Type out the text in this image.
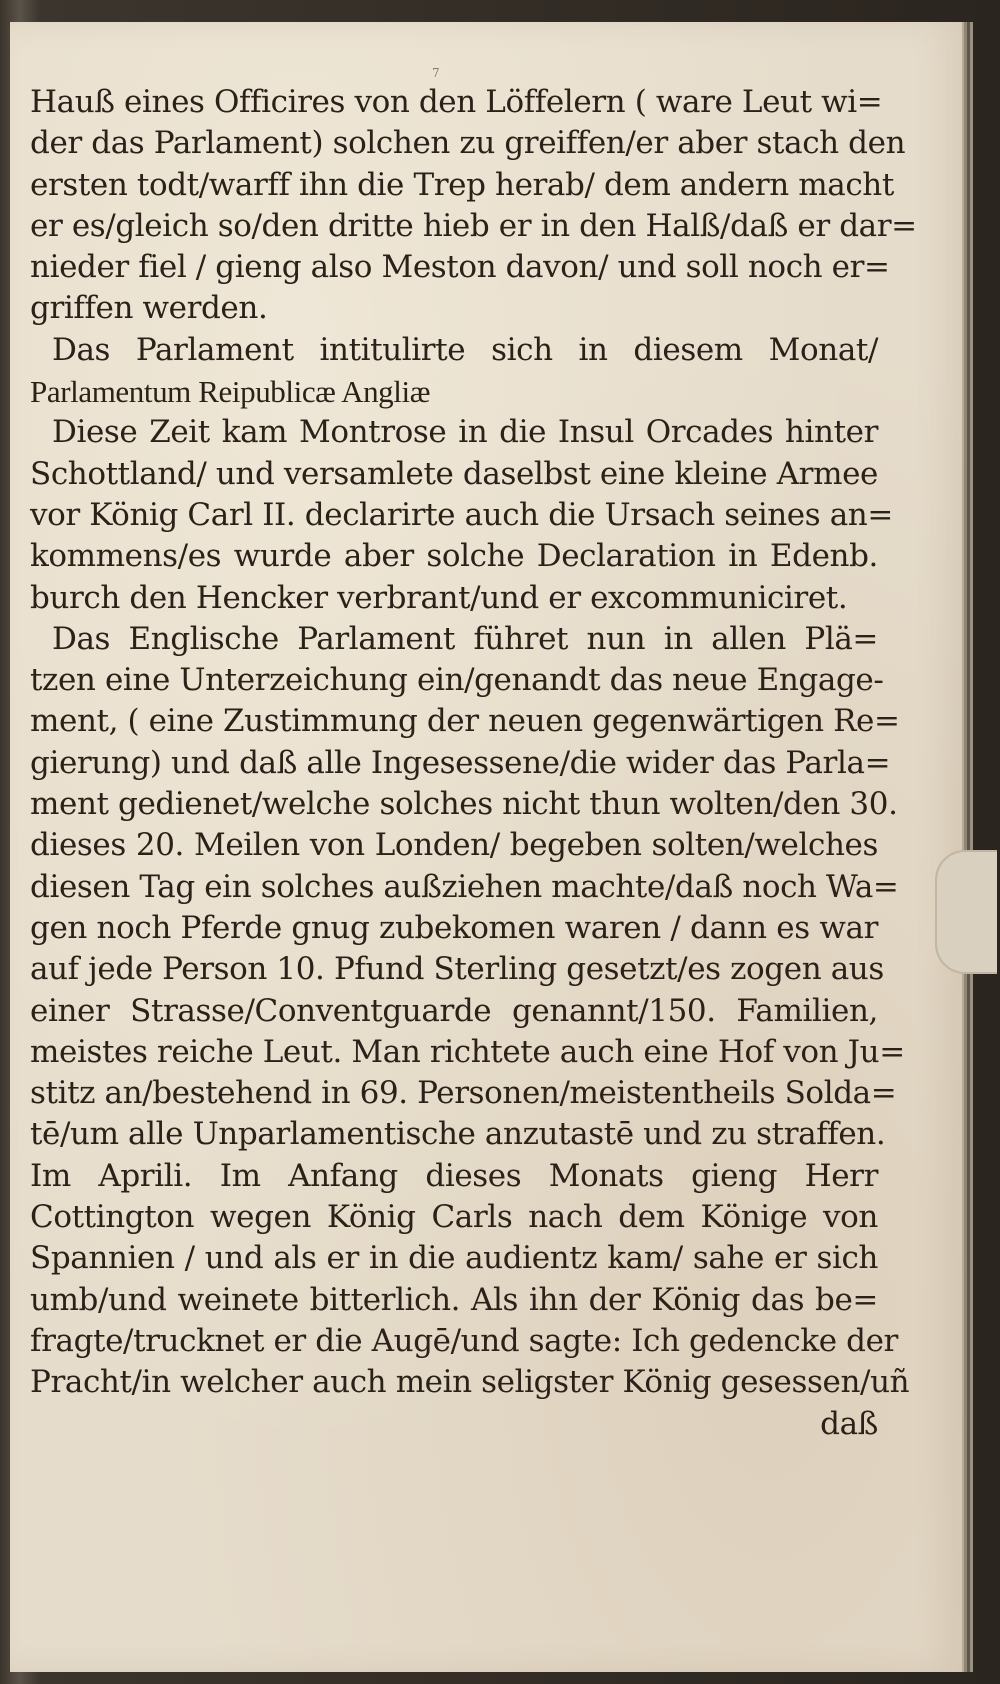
7
Hauß eines Officires von den Löffelern ( ware Leut wi=
der das Parlament) solchen zu greiffen/er aber stach den
ersten todt/warff ihn die Trep herab/ dem andern macht
er es/gleich so/den dritte hieb er in den Halß/daß er dar=
nieder fiel / gieng also Meston davon/ und soll noch er=
griffen werden.
Das Parlament intitulirte sich in diesem Monat/
Parlamentum Reipublicæ Angliæ
Diese Zeit kam Montrose in die Insul Orcades hinter
Schottland/ und versamlete daselbst eine kleine Armee
vor König Carl II. declarirte auch die Ursach seines an=
kommens/es wurde aber solche Declaration in Edenb.
burch den Hencker verbrant/und er excommuniciret.
Das Englische Parlament führet nun in allen Plä=
tzen eine Unterzeichung ein/genandt das neue Engage-
ment, ( eine Zustimmung der neuen gegenwärtigen Re=
gierung) und daß alle Ingesessene/die wider das Parla=
ment gedienet/welche solches nicht thun wolten/den 30.
dieses 20. Meilen von Londen/ begeben solten/welches
diesen Tag ein solches außziehen machte/daß noch Wa=
gen noch Pferde gnug zubekomen waren / dann es war
auf jede Person 10. Pfund Sterling gesetzt/es zogen aus
einer Strasse/Conventguarde genannt/150. Familien,
meistes reiche Leut. Man richtete auch eine Hof von Ju=
stitz an/bestehend in 69. Personen/meistentheils Solda=
tē/um alle Unparlamentische anzutastē und zu straffen.
Im Aprili. Im Anfang dieses Monats gieng Herr
Cottington wegen König Carls nach dem Könige von
Spannien / und als er in die audientz kam/ sahe er sich
umb/und weinete bitterlich. Als ihn der König das be=
fragte/trucknet er die Augē/und sagte: Ich gedencke der
Pracht/in welcher auch mein seligster König gesessen/uñ
daß
